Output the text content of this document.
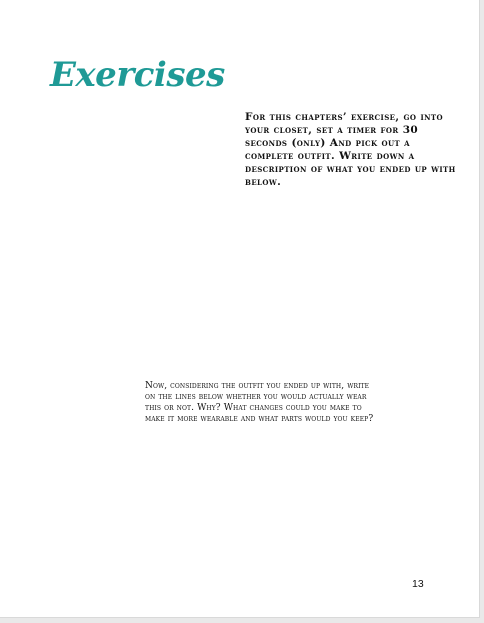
Exercises

For this chapters’ exercise, go into your closet, set a timer for 30 seconds (only) And pick out a complete outfit. Write down a description of what you ended up with below.

Now, considering the outfit you ended up with, write on the lines below whether you would actually wear this or not. Why? What changes could you make to make it more wearable and what parts would you keep?

13
